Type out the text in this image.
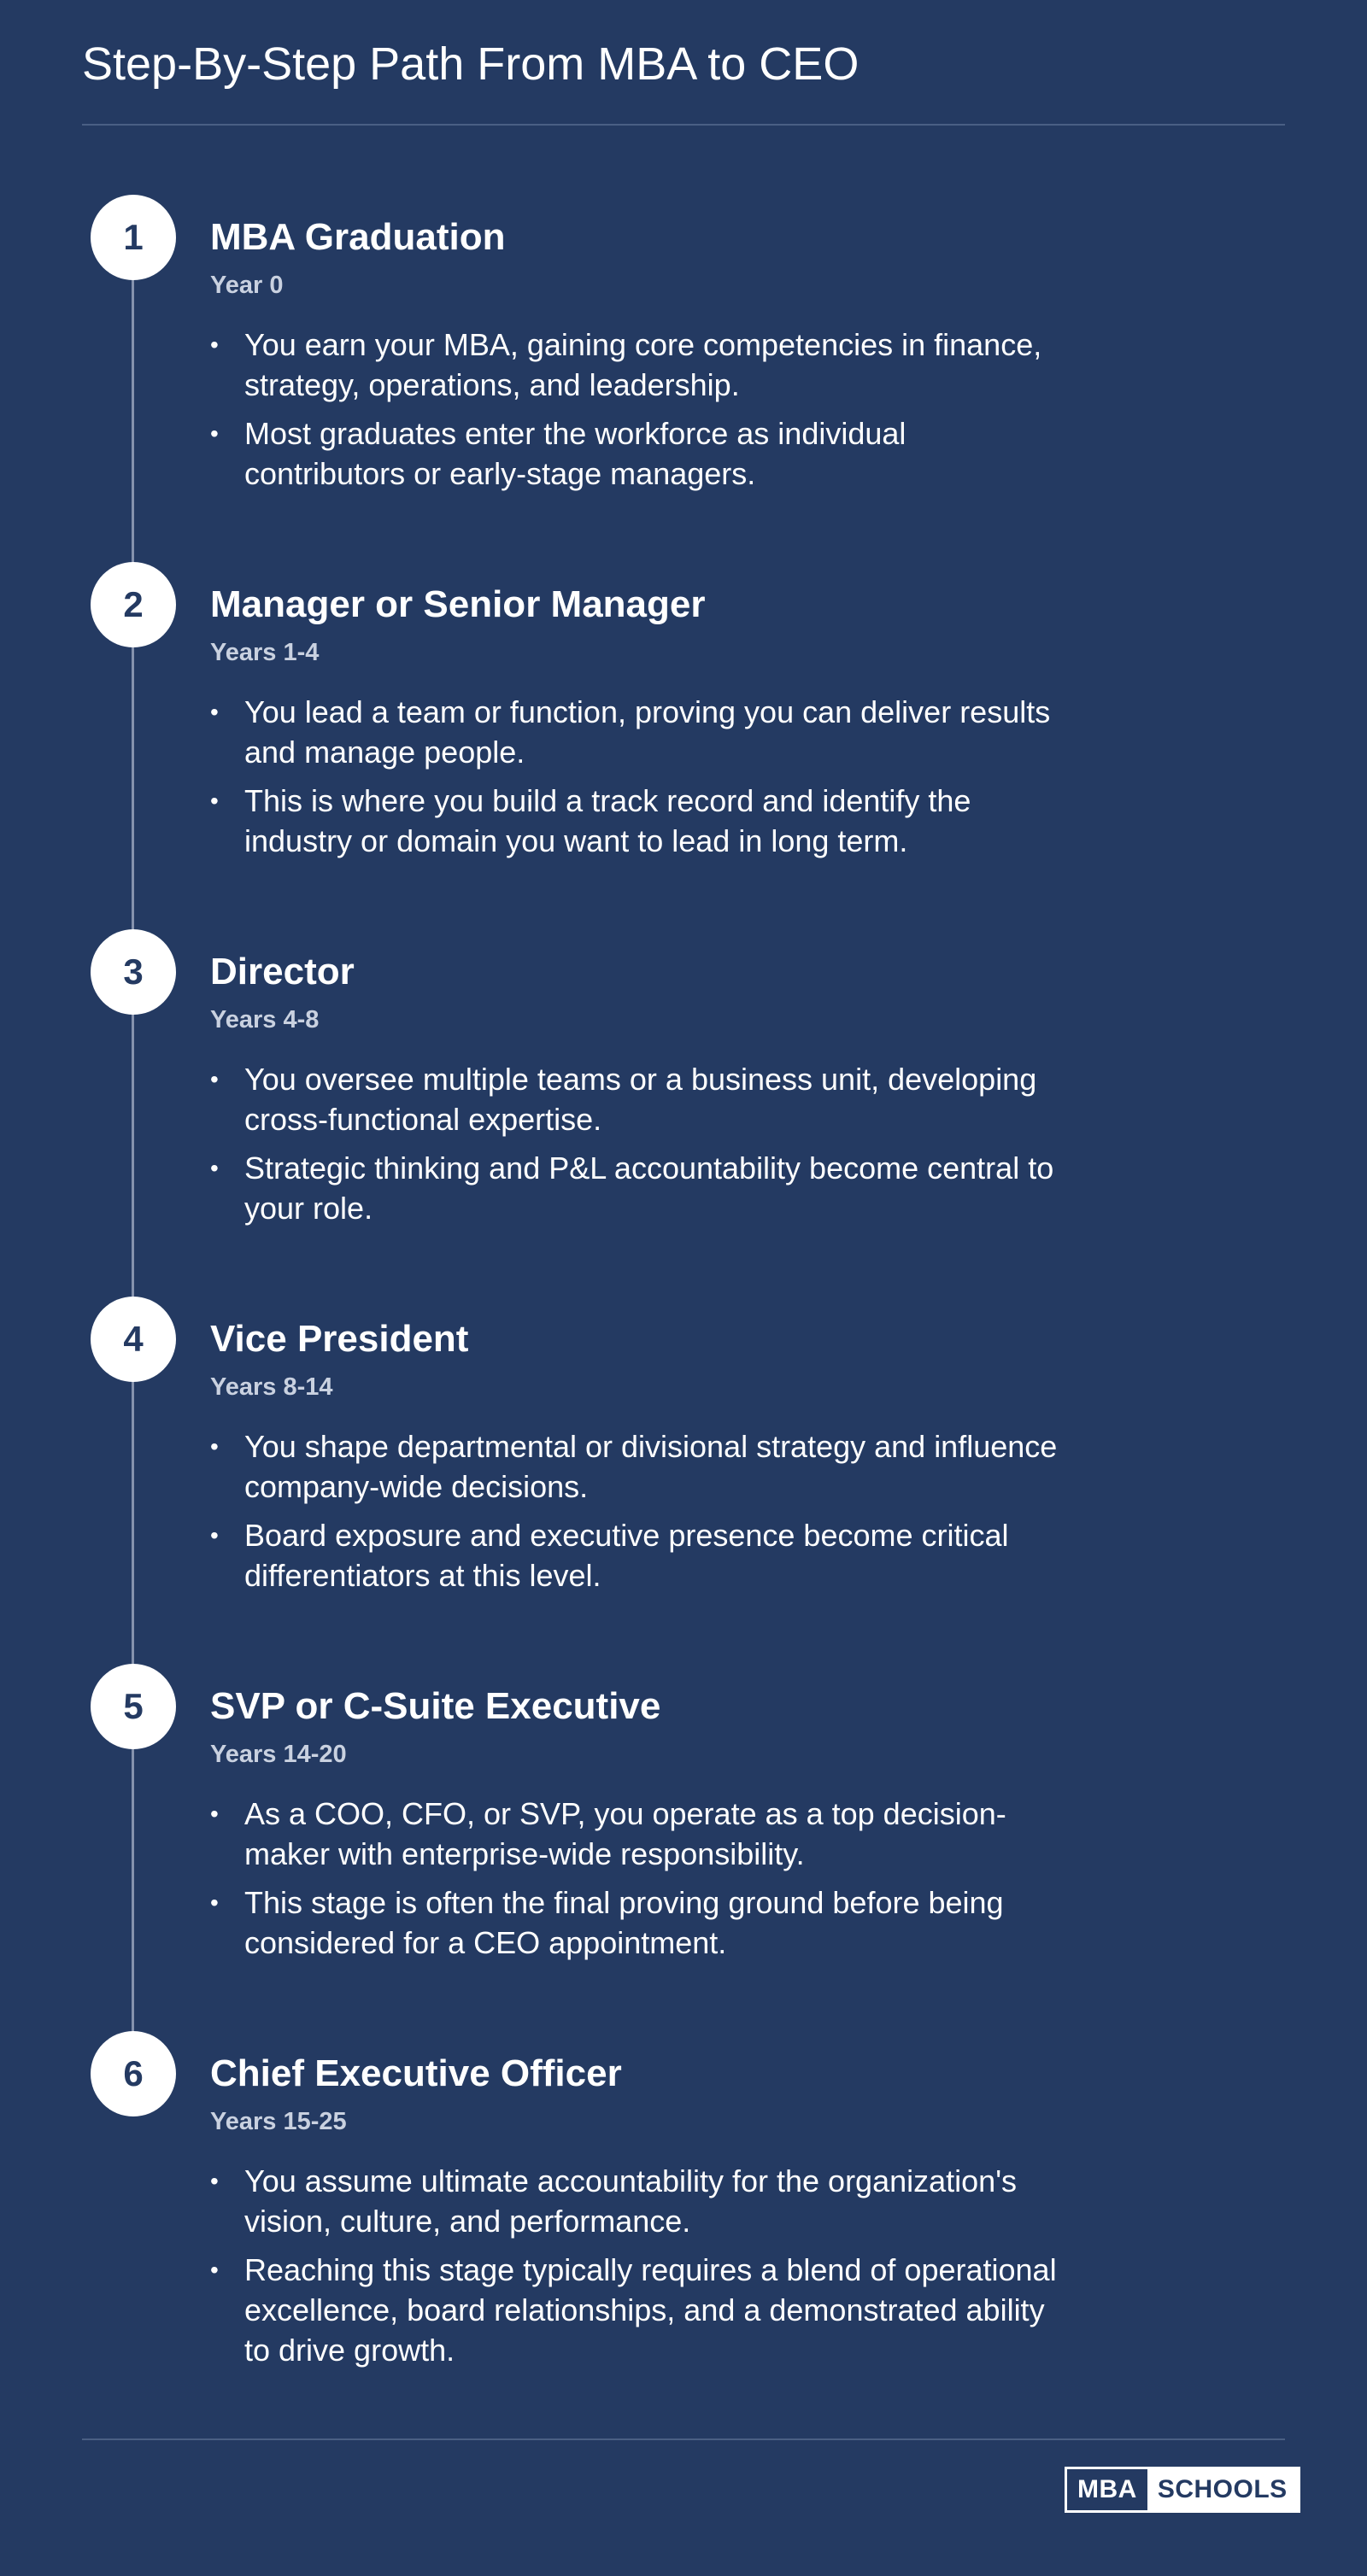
Step-By-Step Path From MBA to CEO
1	MBA Graduation
Year 0
• You earn your MBA, gaining core competencies in finance, strategy, operations, and leadership.
• Most graduates enter the workforce as individual contributors or early-stage managers.
2	Manager or Senior Manager
Years 1-4
• You lead a team or function, proving you can deliver results and manage people.
• This is where you build a track record and identify the industry or domain you want to lead in long term.
3	Director
Years 4-8
• You oversee multiple teams or a business unit, developing cross-functional expertise.
• Strategic thinking and P&L accountability become central to your role.
4	Vice President
Years 8-14
• You shape departmental or divisional strategy and influence company-wide decisions.
• Board exposure and executive presence become critical differentiators at this level.
5	SVP or C-Suite Executive
Years 14-20
• As a COO, CFO, or SVP, you operate as a top decision-maker with enterprise-wide responsibility.
• This stage is often the final proving ground before being considered for a CEO appointment.
6	Chief Executive Officer
Years 15-25
• You assume ultimate accountability for the organization's vision, culture, and performance.
• Reaching this stage typically requires a blend of operational excellence, board relationships, and a demonstrated ability to drive growth.
MBA SCHOOLS
